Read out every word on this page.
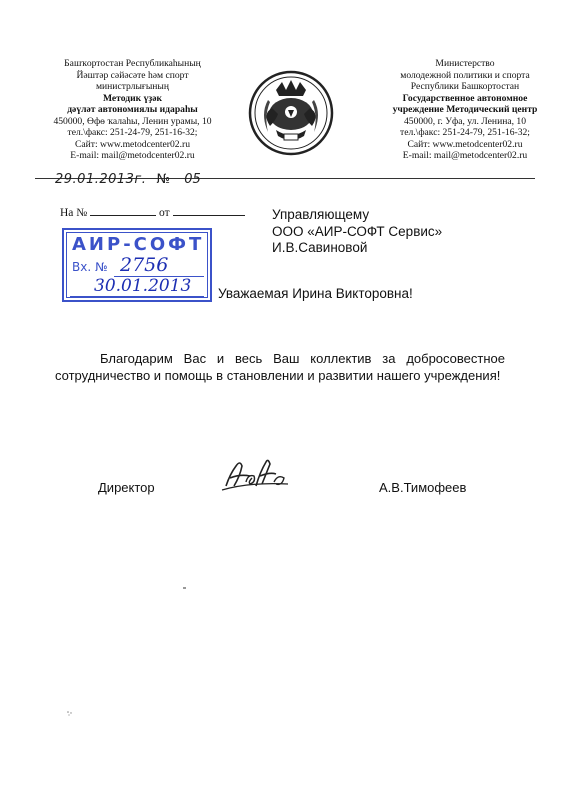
Башҡортостан Республикаһының
Йәштәр сәйәсәте һәм спорт
министрлығының
Методик үҙәк
дәүләт автономиялы идараһы
450000, Өфө ҡалаһы, Ленин урамы, 10
тел.\факс: 251-24-79, 251-16-32;
Сайт: www.metodcenter02.ru
E-mail: mail@metodcenter02.ru
Министерство
молодежной политики и спорта
Республики Башкортостан
Государственное автономное
учреждение Методический центр
450000, г. Уфа, ул. Ленина, 10
тел.\факс: 251-24-79, 251-16-32;
Сайт: www.metodcenter02.ru
E-mail: mail@metodcenter02.ru
29.01.2013г. № 05
На №	от	Управляющему
ООО «АИР-СОФТ Сервис»
И.В.Савиновой
АИР-СОФТ
Вх. № 2756
30.01.2013 Уважаемая Ирина Викторовна!
Благодарим Вас и весь Ваш коллектив за добросовестное
сотрудничество и помощь в становлении и развитии нашего учреждения!
Директор	А.В.Тимофеев
